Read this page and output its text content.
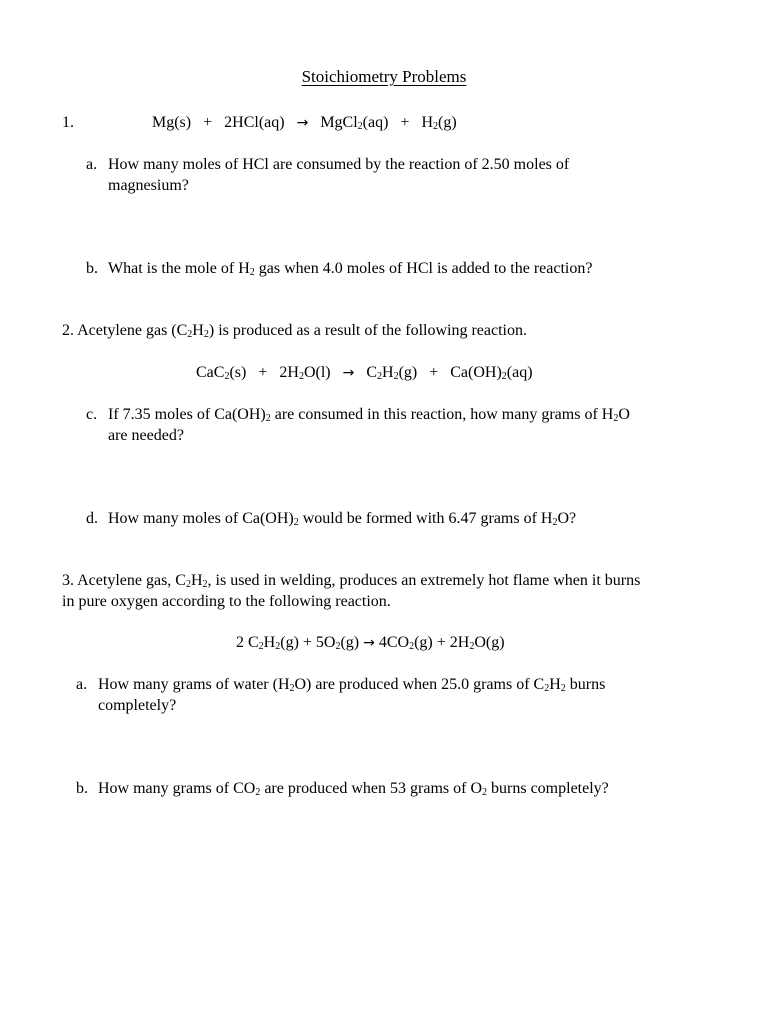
Stoichiometry Problems
1.	Mg(s) + 2HCl(aq) → MgCl$_2$(aq) + $H_2(g)$
a. How many moles of HCl are consumed by the reaction of 2.50 moles of
magnesium?
b. What is the mole of $H_2$ gas when 4.0 moles of HCl is added to the reaction?
2. Acetylene gas $(C_2H_2)$ is produced as a result of the following reaction.
$CaC_2(s) + 2H_2O(l) \to C_2H_2(g) + Ca(OH)_2(aq)$
c. If 7.35 moles of $Ca(OH)_2$ are consumed in this reaction, how many grams of $H_2O$
are needed?
d. How many moles of $Ca(OH)_2$ would be formed with 6.47 grams of $H_2O$?
3. Acetylene gas, $C_2H_2$, is used in welding, produces an extremely hot flame when it burns
in pure oxygen according to the following reaction.
2 $C_2H_2(g) + 5O_2(g) \to 4CO_2(g) + 2H_2O(g)$
a. How many grams of water $(H_2O)$ are produced when 25.0 grams of $C_2H_2$ burns
completely?
b. How many grams of $CO_2$ are produced when 53 grams of $O_2$ burns completely?
